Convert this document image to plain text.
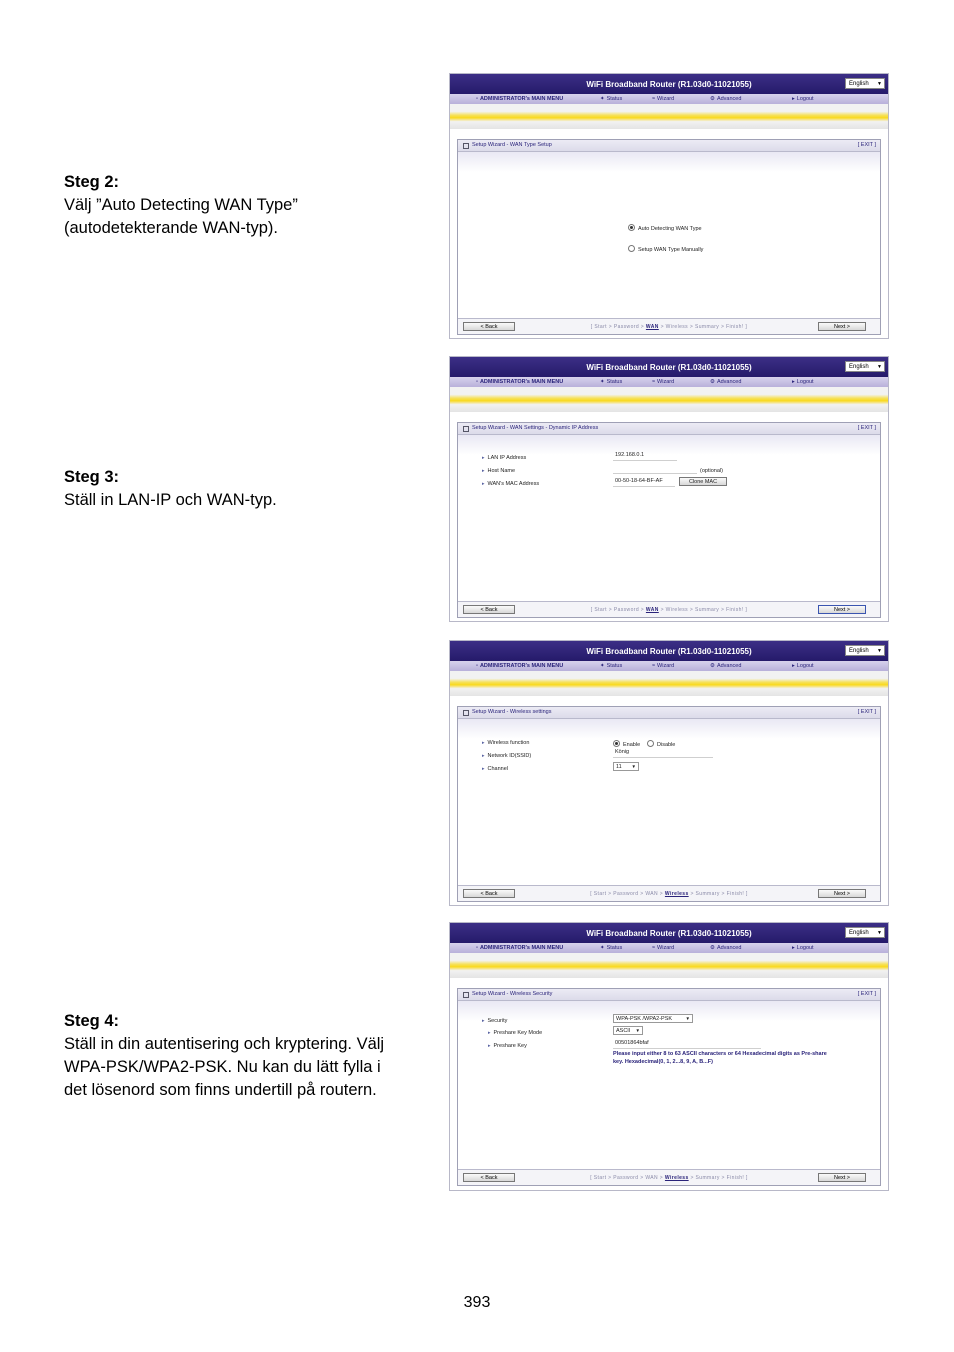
Steg 2:
Välj ”Auto Detecting WAN Type”
(autodetekterande WAN-typ).
Steg 3:
Ställ in LAN-IP och WAN-typ.
Steg 4:
Ställ in din autentisering och kryptering. Välj
WPA-PSK/WPA2-PSK. Nu kan du lätt fylla i
det lösenord som finns undertill på routern.
WiFi Broadband Router (R1.03d0-11021055)	English ▼
▫ ADMINISTRATOR's MAIN MENU	✦ Status	≈ Wizard	⚙ Advanced	▸ Logout
Setup Wizard - WAN Type Setup	[ EXIT ]
Auto Detecting WAN Type
Setup WAN Type Manually
< Back	[ Start > Password > WAN > Wireless > Summary > Finish! ]	Next >
WiFi Broadband Router (R1.03d0-11021055)	English ▼
▫ ADMINISTRATOR's MAIN MENU	✦ Status	≈ Wizard	⚙ Advanced	▸ Logout
Setup Wizard - WAN Settings - Dynamic IP Address	[ EXIT ]
▸ LAN IP Address	192.168.0.1
▸ Host Name	(optional)
▸ WAN's MAC Address	00-50-18-64-BF-AF	Clone MAC
< Back	[ Start > Password > WAN > Wireless > Summary > Finish! ]	Next >
WiFi Broadband Router (R1.03d0-11021055)	English ▼
▫ ADMINISTRATOR's MAIN MENU	✦ Status	≈ Wizard	⚙ Advanced	▸ Logout
Setup Wizard - Wireless settings	[ EXIT ]
▸ Wireless function	Enable	Disable
▸ Network ID(SSID)
König
▸ Channel	11 ▼
< Back	[ Start > Password > WAN > Wireless > Summary > Finish! ]	Next >
WiFi Broadband Router (R1.03d0-11021055)	English ▼
▫ ADMINISTRATOR's MAIN MENU	✦ Status	≈ Wizard	⚙ Advanced	▸ Logout
Setup Wizard - Wireless Security	[ EXIT ]
▸ Security	WPA-PSK /WPA2-PSK	▼
▸ Preshare Key Mode	ASCII ▼
▸ Preshare Key	00501864bfaf
Please input either 8 to 63 ASCII characters or 64 Hexadecimal digits as Pre-share
key. Hexadecimal(0, 1, 2...8, 9, A, B...F)
< Back	[ Start > Password > WAN > Wireless > Summary > Finish! ]	Next >
393
